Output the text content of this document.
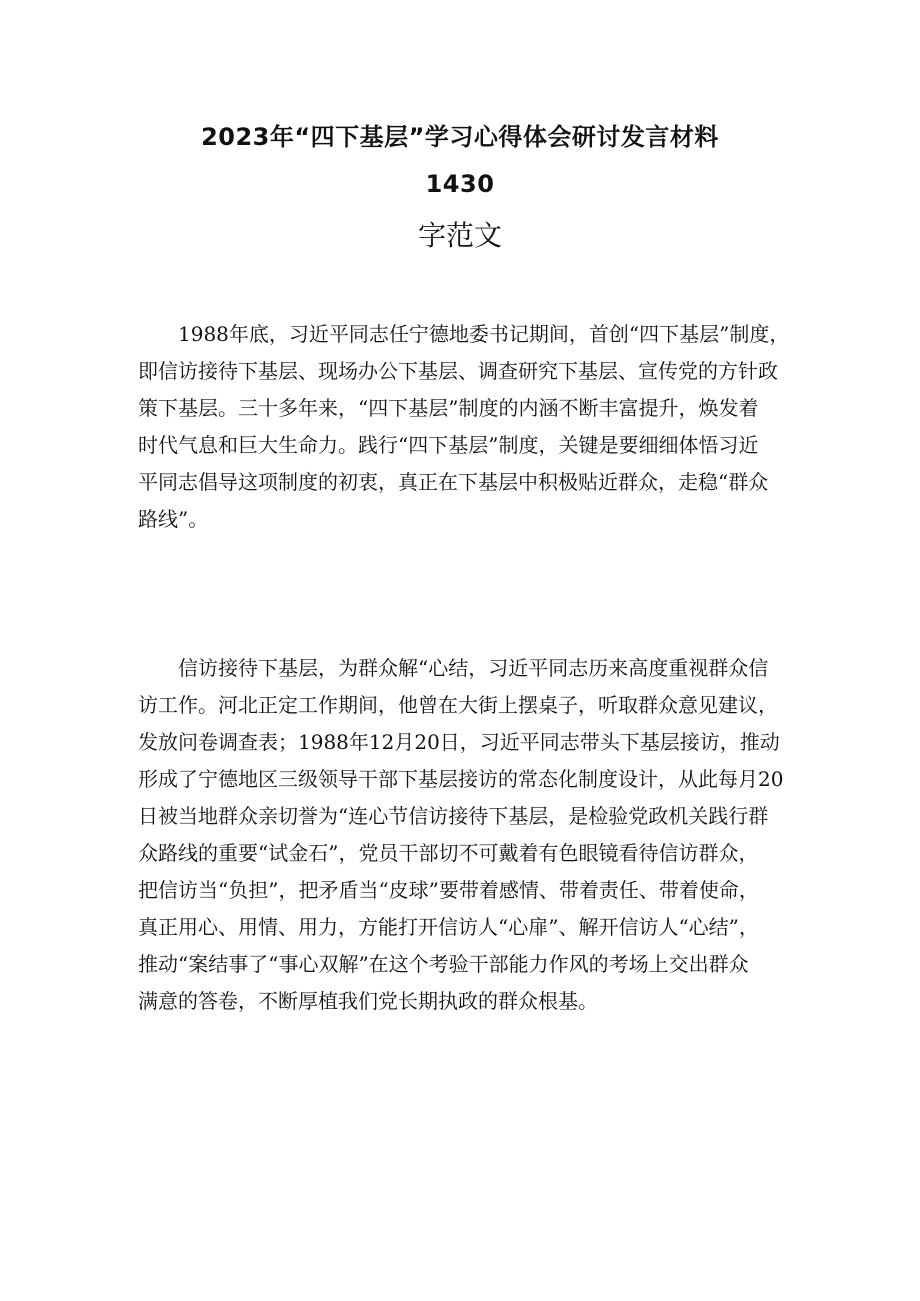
2023年“四下基层”学习心得体会研讨发言材料
1430
字范文
1988年底，习近平同志任宁德地委书记期间，首创“四下基层”制度，
即信访接待下基层、现场办公下基层、调查研究下基层、宣传党的方针政
策下基层。三十多年来，“四下基层”制度的内涵不断丰富提升，焕发着
时代气息和巨大生命力。践行“四下基层”制度，关键是要细细体悟习近
平同志倡导这项制度的初衷，真正在下基层中积极贴近群众，走稳“群众
路线”。
信访接待下基层，为群众解“心结，习近平同志历来高度重视群众信
访工作。河北正定工作期间，他曾在大街上摆桌子，听取群众意见建议，
发放问卷调查表；1988年12月20日，习近平同志带头下基层接访，推动
形成了宁德地区三级领导干部下基层接访的常态化制度设计，从此每月20
日被当地群众亲切誉为“连心节信访接待下基层，是检验党政机关践行群
众路线的重要“试金石”，党员干部切不可戴着有色眼镜看待信访群众，
把信访当“负担”，把矛盾当“皮球”要带着感情、带着责任、带着使命，
真正用心、用情、用力，方能打开信访人“心扉”、解开信访人“心结”，
推动“案结事了“事心双解”在这个考验干部能力作风的考场上交出群众
满意的答卷，不断厚植我们党长期执政的群众根基。
